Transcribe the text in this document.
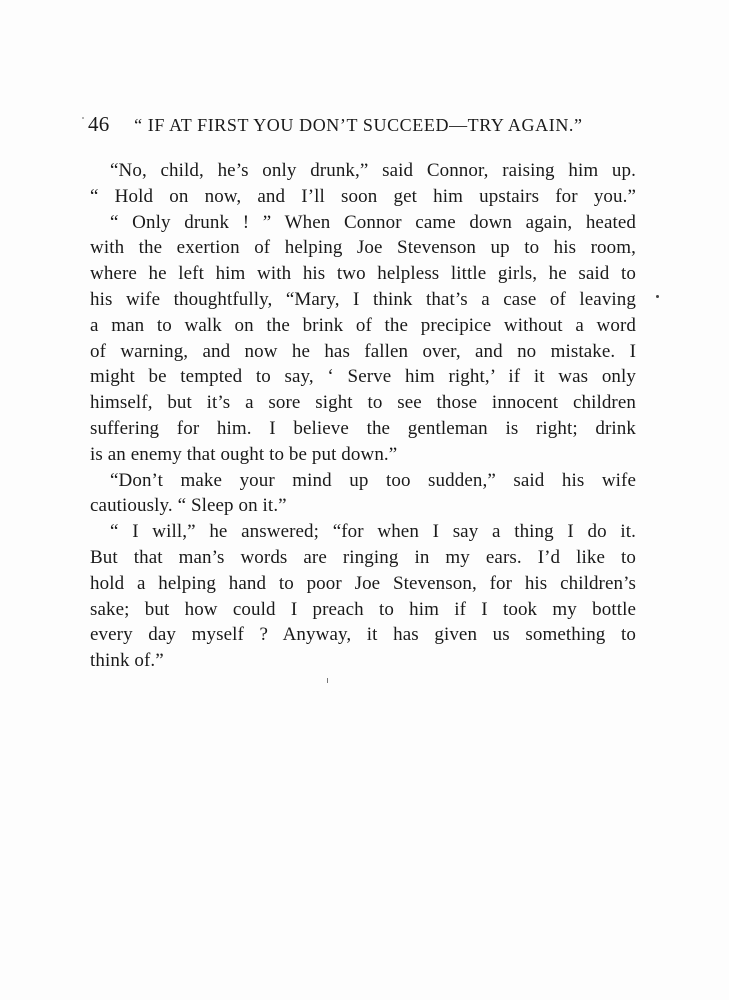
46 “ IF AT FIRST YOU DON’T SUCCEED—TRY AGAIN.”
“No, child, he’s only drunk,” said Connor, raising him up.
“ Hold on now, and I’ll soon get him upstairs for you.”
“ Only drunk ! ” When Connor came down again, heated
with the exertion of helping Joe Stevenson up to his room,
where he left him with his two helpless little girls, he said to
his wife thoughtfully, “Mary, I think that’s a case of leaving
a man to walk on the brink of the precipice without a word
of warning, and now he has fallen over, and no mistake. I
might be tempted to say, ‘ Serve him right,’ if it was only
himself, but it’s a sore sight to see those innocent children
suffering for him. I believe the gentleman is right; drink
is an enemy that ought to be put down.”
“Don’t make your mind up too sudden,” said his wife
cautiously. “ Sleep on it.”
“ I will,” he answered; “for when I say a thing I do it.
But that man’s words are ringing in my ears. I’d like to
hold a helping hand to poor Joe Stevenson, for his children’s
sake; but how could I preach to him if I took my bottle
every day myself ? Anyway, it has given us something to
think of.”
